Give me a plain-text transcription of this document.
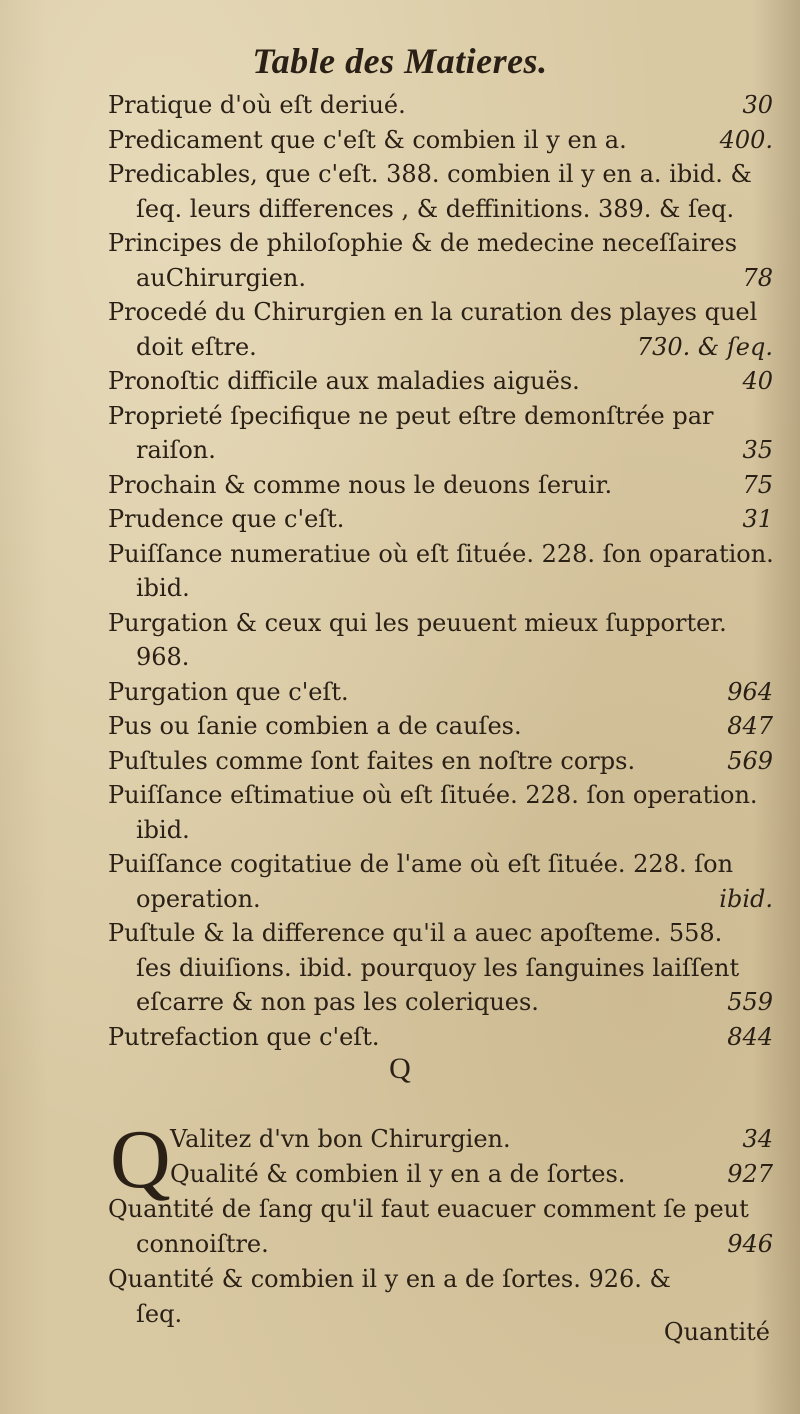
Table des Matieres.
Pratique d'où eſt deriué.	30
Predicament que c'eſt & combien il y en a.	400.
Predicables, que c'eſt. 388. combien il y en a. ibid. &
ſeq. leurs differences , & deffinitions. 389. & ſeq.
Principes de philoſophie & de medecine neceſſaires
auChirurgien.	78
Procedé du Chirurgien en la curation des playes quel
doit eſtre.	730. & ſeq.
Pronoſtic difficile aux maladies aiguës.	40
Proprieté ſpecifique ne peut eſtre demonſtrée par
raiſon.	35
Prochain & comme nous le deuons ſeruir.	75
Prudence que c'eſt.	31
Puiſſance numeratiue où eſt ſituée. 228. ſon oparation.
ibid.
Purgation & ceux qui les peuuent mieux ſupporter.
968.
Purgation que c'eſt.	964
Pus ou ſanie combien a de cauſes.	847
Puſtules comme ſont faites en noſtre corps.	569
Puiſſance eſtimatiue où eſt ſituée. 228. ſon operation.
ibid.
Puiſſance cogitatiue de l'ame où eſt ſituée. 228. ſon
operation.	ibid.
Puſtule & la difference qu'il a auec apoſteme. 558.
ſes diuiſions. ibid. pourquoy les ſanguines laiſſent
eſcarre & non pas les coleriques.	559
Putrefaction que c'eſt.	844
Q
Q Valitez d'vn bon Chirurgien.	34
Qualité & combien il y en a de ſortes.	927
Quantité de ſang qu'il faut euacuer comment ſe peut
connoiſtre.	946
Quantité & combien il y en a de ſortes. 926. &
ſeq.
Quantité
